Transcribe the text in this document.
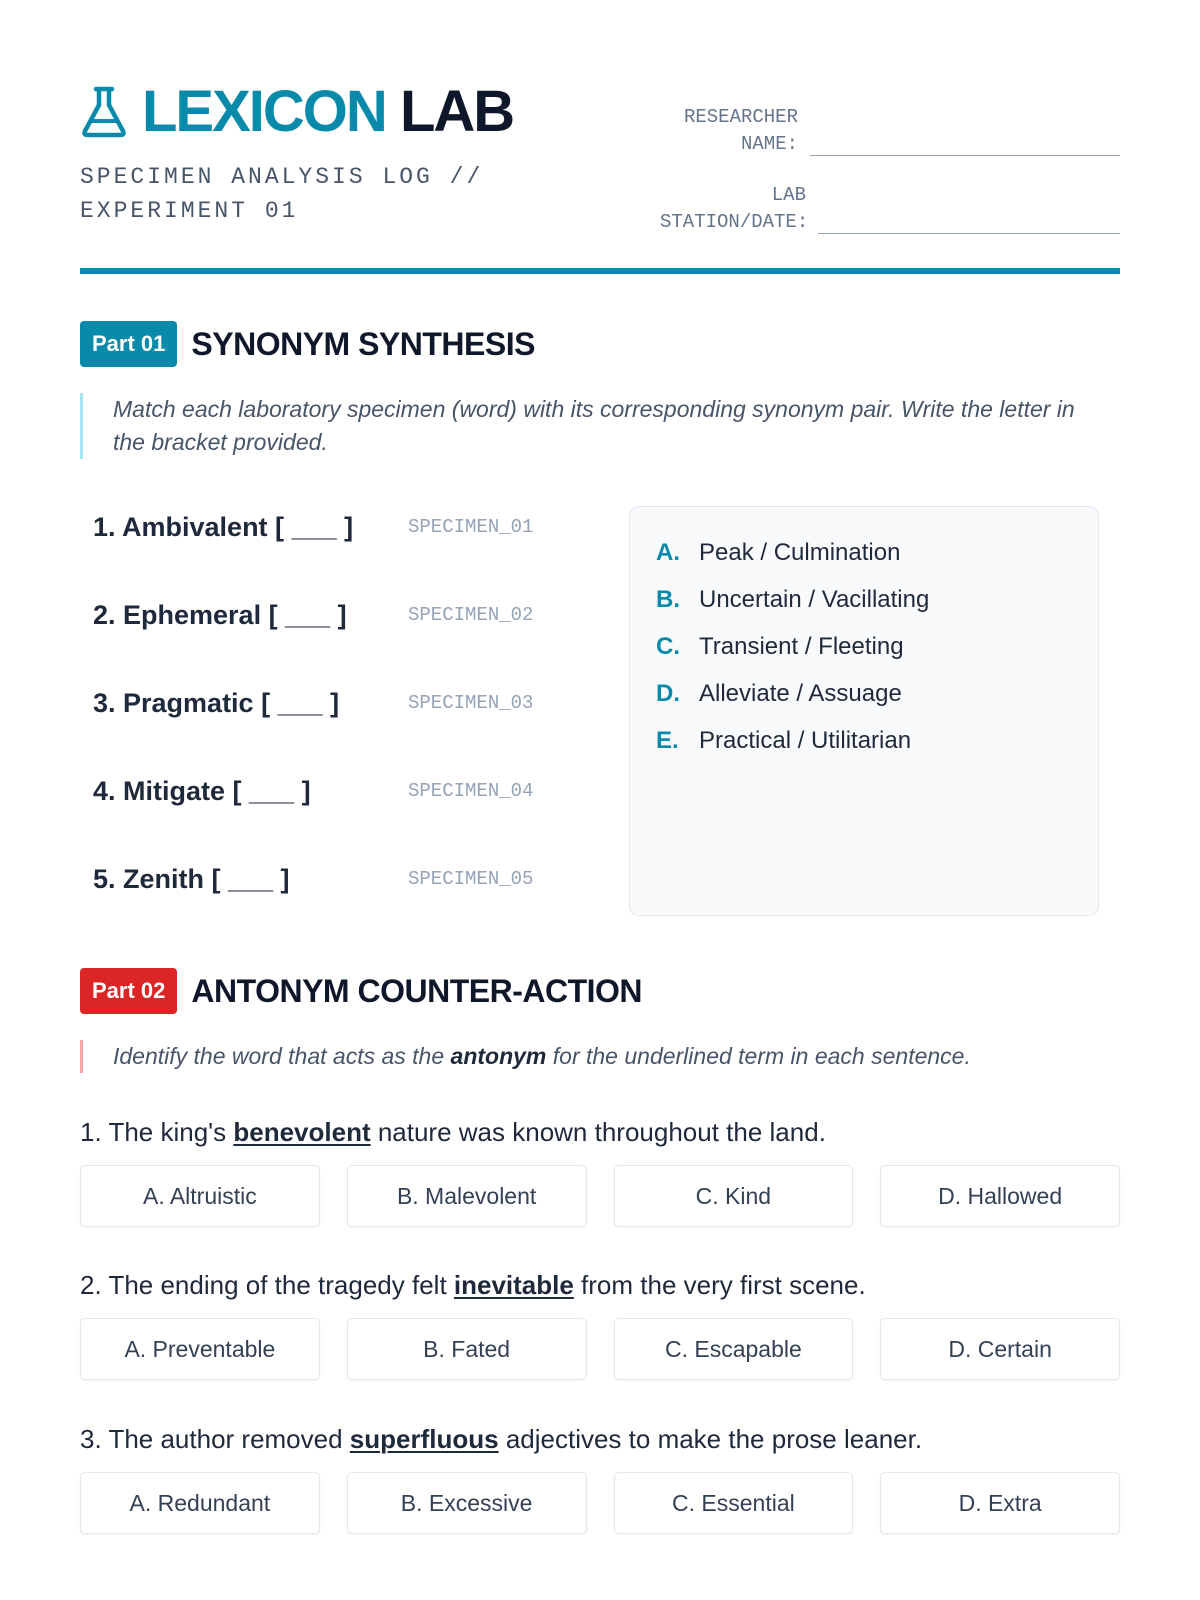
LEXICON LAB
SPECIMEN ANALYSIS LOG // EXPERIMENT 01
RESEARCHER NAME:
LAB STATION/DATE:
Part 01 SYNONYM SYNTHESIS
Match each laboratory specimen (word) with its corresponding synonym pair. Write the letter in the bracket provided.
1. Ambivalent [ ___ ]	SPECIMEN_01
2. Ephemeral [ ___ ]	SPECIMEN_02
3. Pragmatic [ ___ ]	SPECIMEN_03
4. Mitigate [ ___ ]	SPECIMEN_04
5. Zenith [ ___ ]	SPECIMEN_05
A. Peak / Culmination
B. Uncertain / Vacillating
C. Transient / Fleeting
D. Alleviate / Assuage
E. Practical / Utilitarian
Part 02 ANTONYM COUNTER-ACTION
Identify the word that acts as the antonym for the underlined term in each sentence.
1. The king's benevolent nature was known throughout the land.
A. Altruistic	B. Malevolent	C. Kind	D. Hallowed
2. The ending of the tragedy felt inevitable from the very first scene.
A. Preventable	B. Fated	C. Escapable	D. Certain
3. The author removed superfluous adjectives to make the prose leaner.
A. Redundant	B. Excessive	C. Essential	D. Extra
